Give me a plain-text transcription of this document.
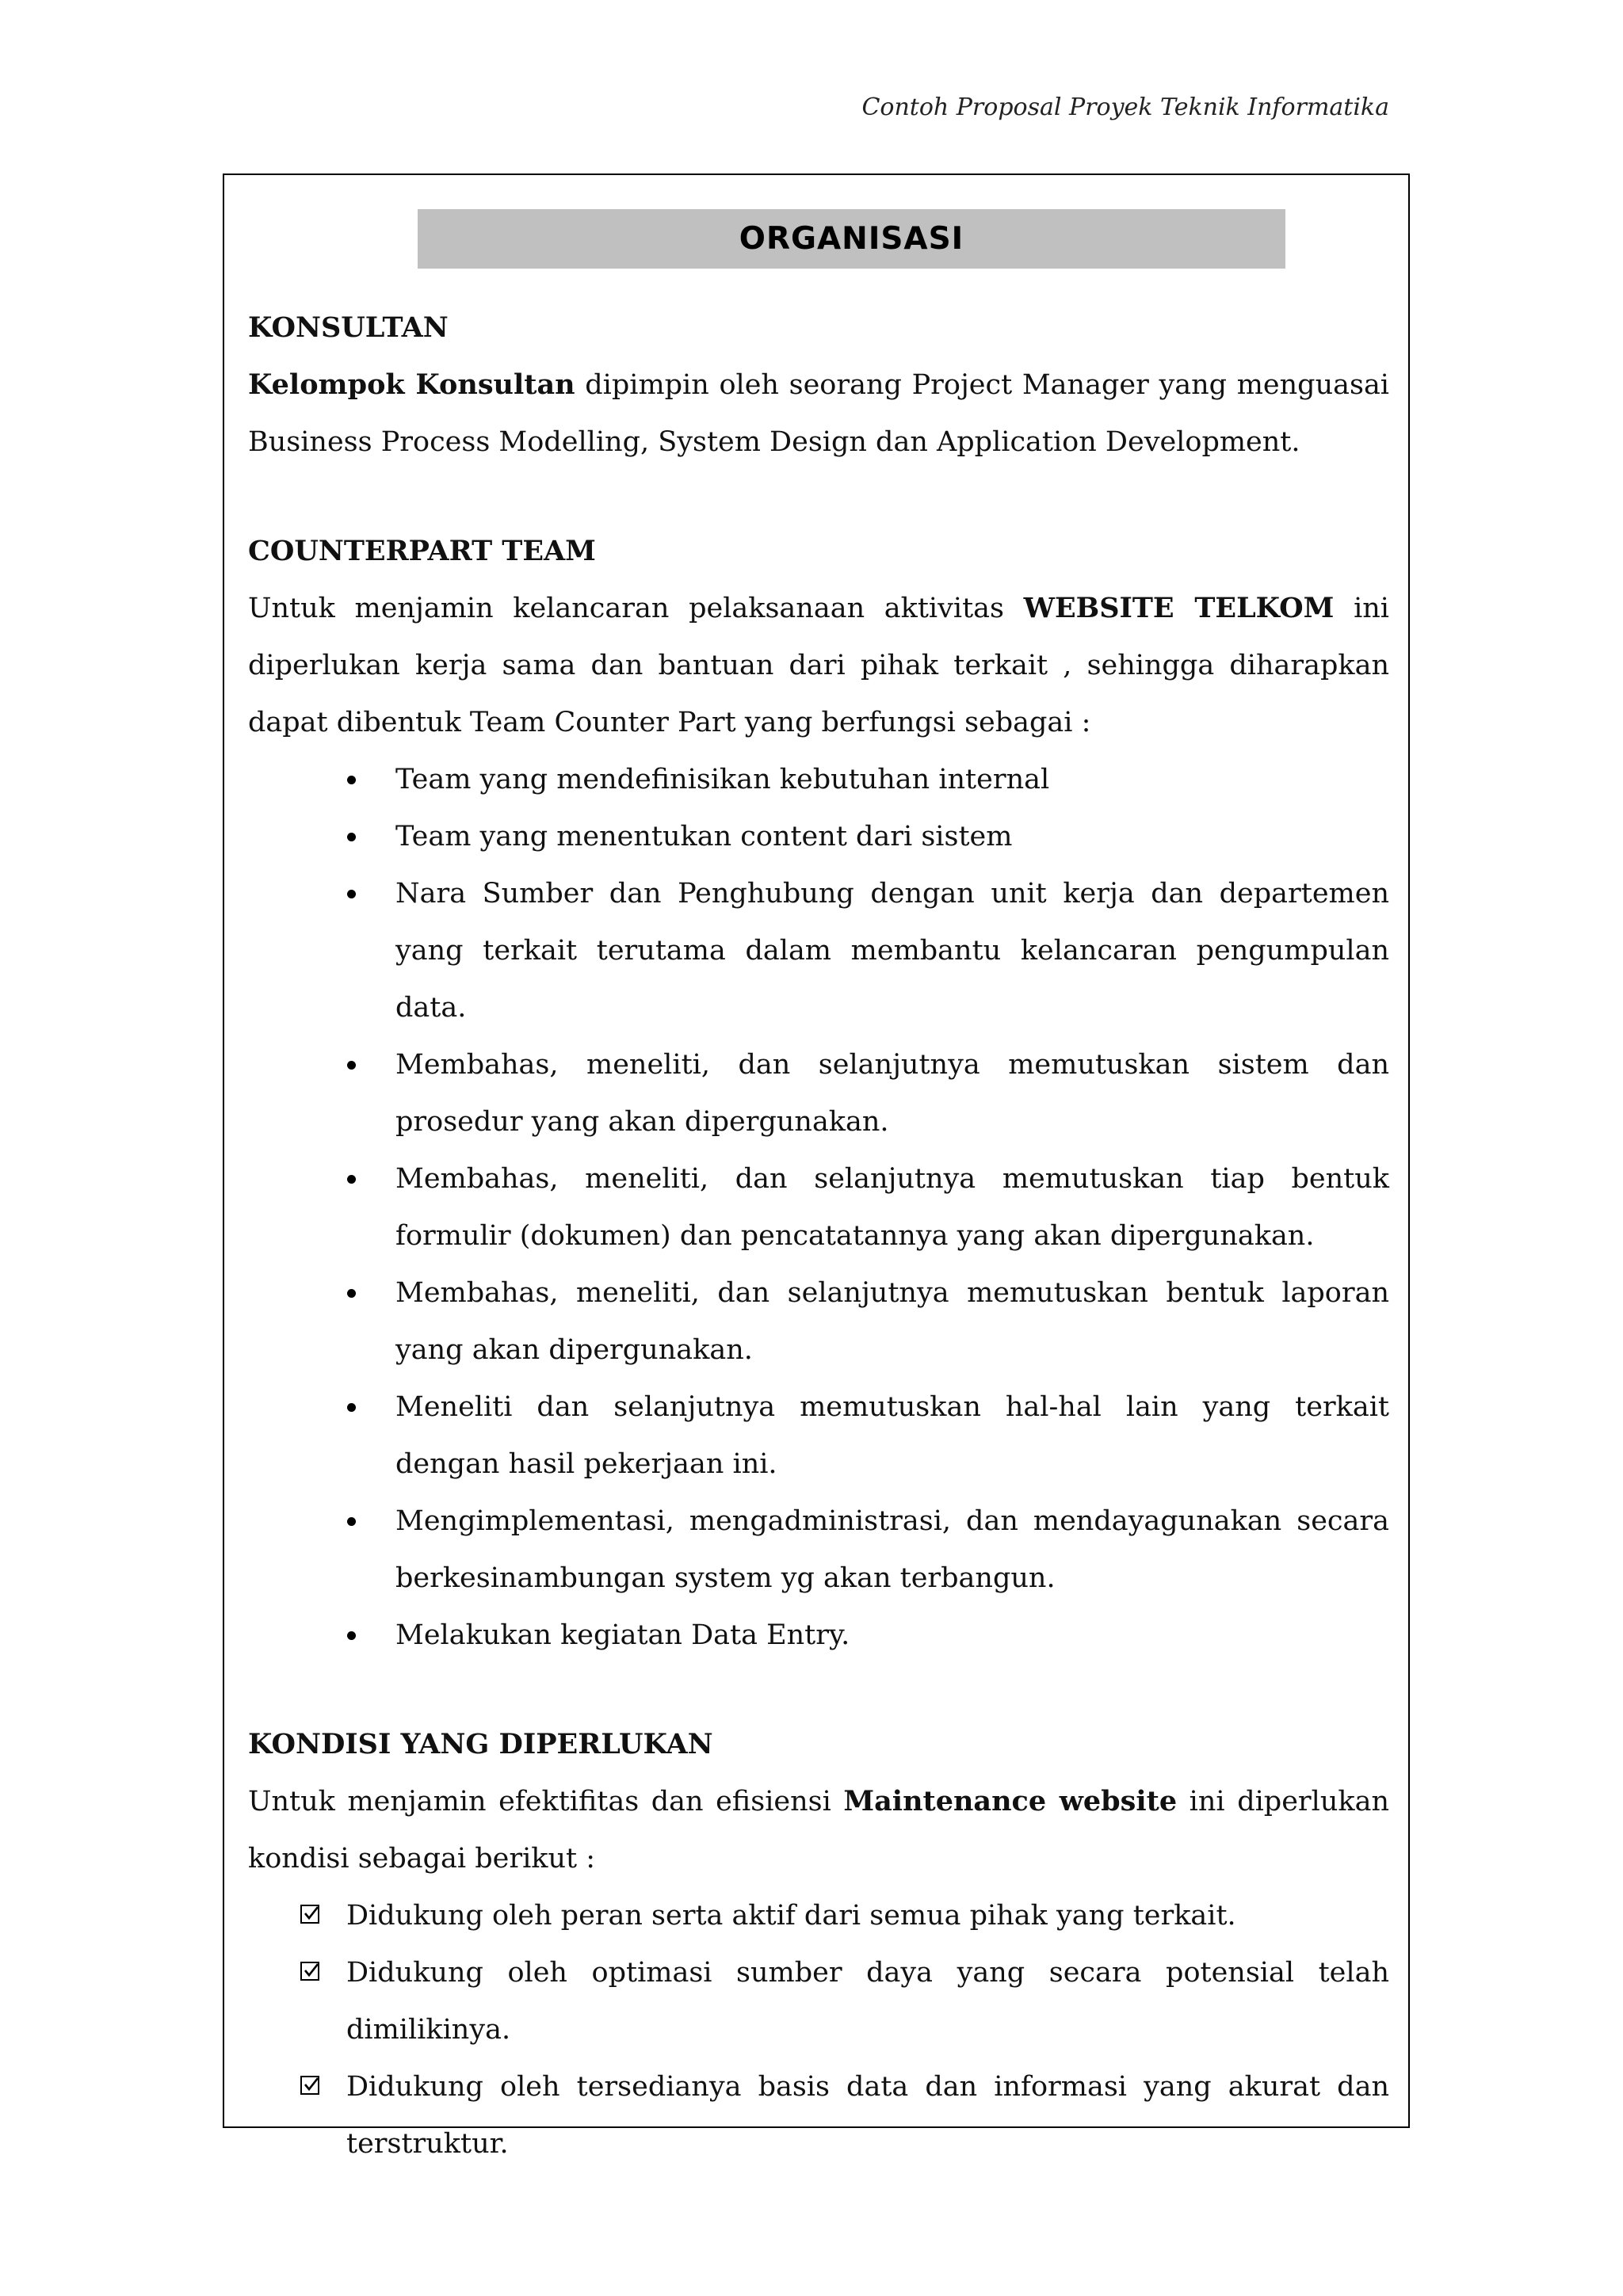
Contoh Proposal Proyek Teknik Informatika
ORGANISASI
KONSULTAN
Kelompok Konsultan dipimpin oleh seorang Project Manager yang menguasai Business Process Modelling, System Design dan Application Development.
COUNTERPART TEAM
Untuk menjamin kelancaran pelaksanaan aktivitas WEBSITE TELKOM ini diperlukan kerja sama dan bantuan dari pihak terkait , sehingga diharapkan dapat dibentuk Team Counter Part yang berfungsi sebagai :
Team yang mendefinisikan kebutuhan internal
Team yang menentukan content dari sistem
Nara Sumber dan Penghubung dengan unit kerja dan departemen yang terkait terutama dalam membantu kelancaran pengumpulan data.
Membahas, meneliti, dan selanjutnya memutuskan sistem dan prosedur yang akan dipergunakan.
Membahas, meneliti, dan selanjutnya memutuskan tiap bentuk formulir (dokumen) dan pencatatannya yang akan dipergunakan.
Membahas, meneliti, dan selanjutnya memutuskan bentuk laporan yang akan dipergunakan.
Meneliti dan selanjutnya memutuskan hal-hal lain yang terkait dengan hasil pekerjaan ini.
Mengimplementasi, mengadministrasi, dan mendayagunakan secara berkesinambungan system yg akan terbangun.
Melakukan kegiatan Data Entry.
KONDISI YANG DIPERLUKAN
Untuk menjamin efektifitas dan efisiensi Maintenance website ini diperlukan kondisi sebagai berikut :
Didukung oleh peran serta aktif dari semua pihak yang terkait.
Didukung oleh optimasi sumber daya yang secara potensial telah dimilikinya.
Didukung oleh tersedianya basis data dan informasi yang akurat dan terstruktur.
